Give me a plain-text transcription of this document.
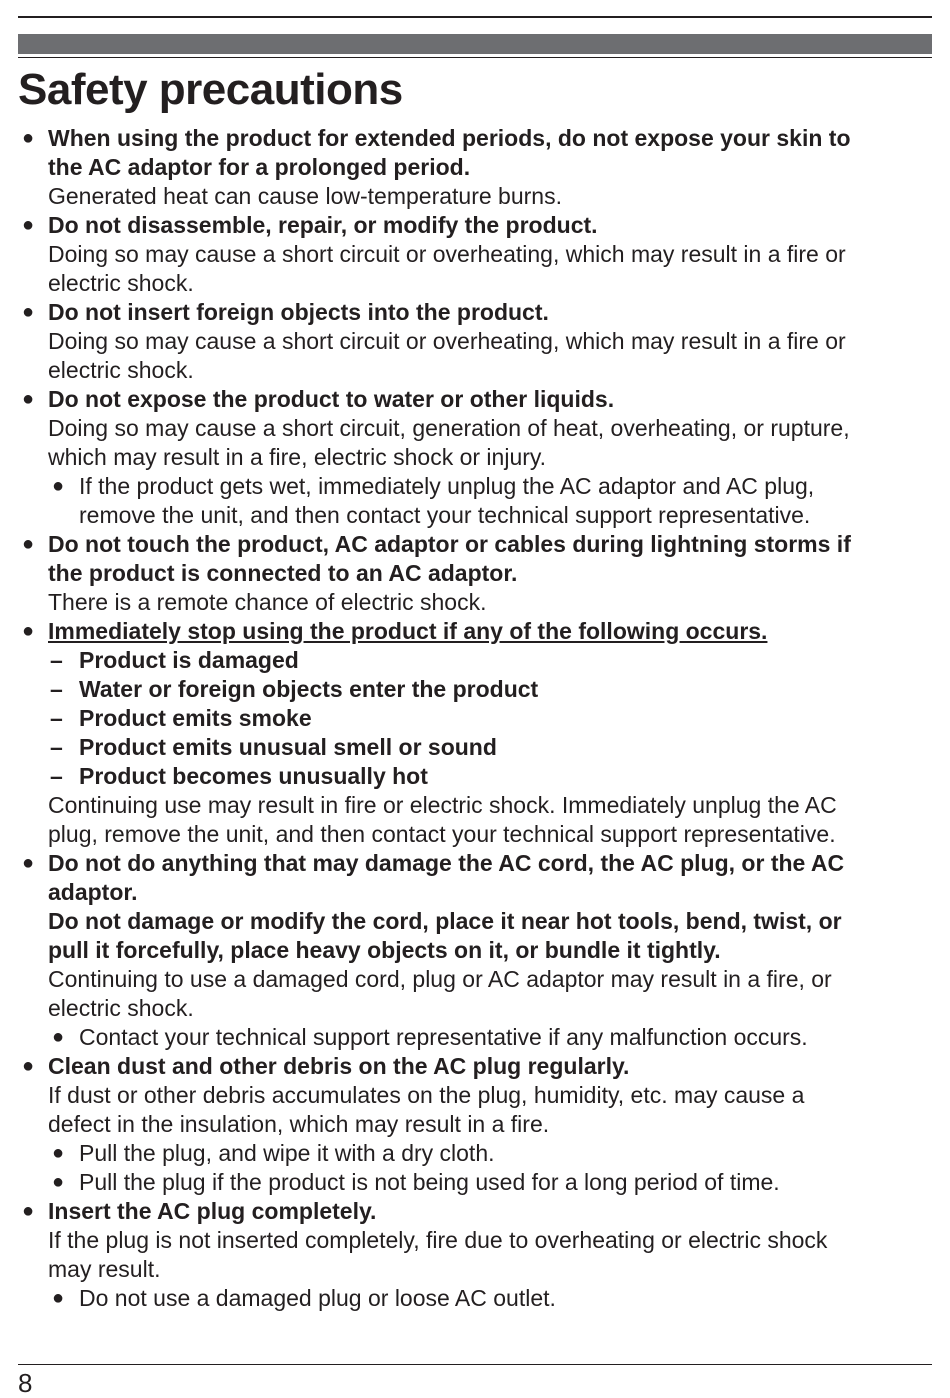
Safety precautions
● When using the product for extended periods, do not expose your skin to
the AC adaptor for a prolonged period.
Generated heat can cause low-temperature burns.
● Do not disassemble, repair, or modify the product.
Doing so may cause a short circuit or overheating, which may result in a fire or
electric shock.
● Do not insert foreign objects into the product.
Doing so may cause a short circuit or overheating, which may result in a fire or
electric shock.
● Do not expose the product to water or other liquids.
Doing so may cause a short circuit, generation of heat, overheating, or rupture,
which may result in a fire, electric shock or injury.
● If the product gets wet, immediately unplug the AC adaptor and AC plug,
remove the unit, and then contact your technical support representative.
● Do not touch the product, AC adaptor or cables during lightning storms if
the product is connected to an AC adaptor.
There is a remote chance of electric shock.
● Immediately stop using the product if any of the following occurs.
– Product is damaged
– Water or foreign objects enter the product
– Product emits smoke
– Product emits unusual smell or sound
– Product becomes unusually hot
Continuing use may result in fire or electric shock. Immediately unplug the AC
plug, remove the unit, and then contact your technical support representative.
● Do not do anything that may damage the AC cord, the AC plug, or the AC
adaptor.
Do not damage or modify the cord, place it near hot tools, bend, twist, or
pull it forcefully, place heavy objects on it, or bundle it tightly.
Continuing to use a damaged cord, plug or AC adaptor may result in a fire, or
electric shock.
● Contact your technical support representative if any malfunction occurs.
● Clean dust and other debris on the AC plug regularly.
If dust or other debris accumulates on the plug, humidity, etc. may cause a
defect in the insulation, which may result in a fire.
● Pull the plug, and wipe it with a dry cloth.
● Pull the plug if the product is not being used for a long period of time.
● Insert the AC plug completely.
If the plug is not inserted completely, fire due to overheating or electric shock
may result.
● Do not use a damaged plug or loose AC outlet.
8
